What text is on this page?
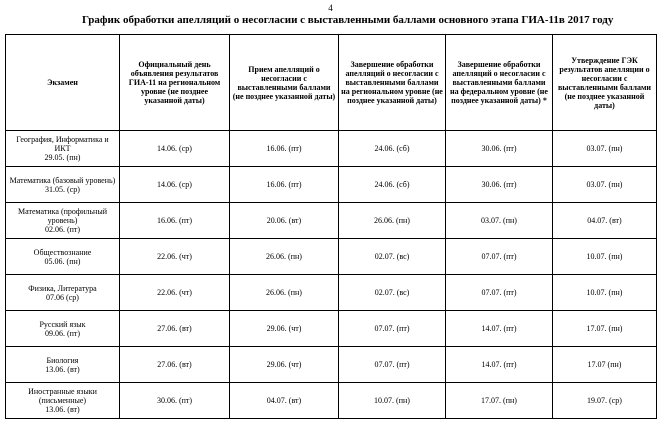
4
График обработки апелляций о несогласии с выставленными баллами основного этапа ГИА-11в 2017 году
Экзамен	Официальный день объявления результатов ГИА-11 на региональном уровне (не позднее указанной даты)	Прием апелляций о несогласии с выставленными баллами (не позднее указанной даты)	Завершение обработки апелляций о несогласии с выставленными баллами на региональном уровне (не позднее указанной даты)	Завершение обработки апелляций о несогласии с выставленными баллами на федеральном уровне (не позднее указанной даты) *	Утверждение ГЭК результатов апелляции о несогласии с выставленными баллами (не позднее указанной даты)

География, Информатика и ИКТ
29.05. (пн)	14.06. (ср)	16.06. (пт)	24.06. (сб)	30.06. (пт)	03.07. (пн)

Математика (базовый уровень)
31.05. (ср)	14.06. (ср)	16.06. (пт)	24.06. (сб)	30.06. (пт)	03.07. (пн)

Математика (профильный уровень)
02.06. (пт)	16.06. (пт)	20.06. (вт)	26.06. (пн)	03.07. (пн)	04.07. (вт)

Обществознание
05.06. (пн)	22.06. (чт)	26.06. (пн)	02.07. (вс)	07.07. (пт)	10.07. (пн)

Физика, Литература
07.06 (ср)	22.06. (чт)	26.06. (пн)	02.07. (вс)	07.07. (пт)	10.07. (пн)

Русский язык
09.06. (пт)	27.06. (вт)	29.06. (чт)	07.07. (пт)	14.07. (пт)	17.07. (пн)

Биология
13.06. (вт)	27.06. (вт)	29.06. (чт)	07.07. (пт)	14.07. (пт)	17.07 (пн)

Иностранные языки (письменные)
13.06. (вт)	30.06. (пт)	04.07. (вт)	10.07. (пн)	17.07. (пн)	19.07. (ср)
